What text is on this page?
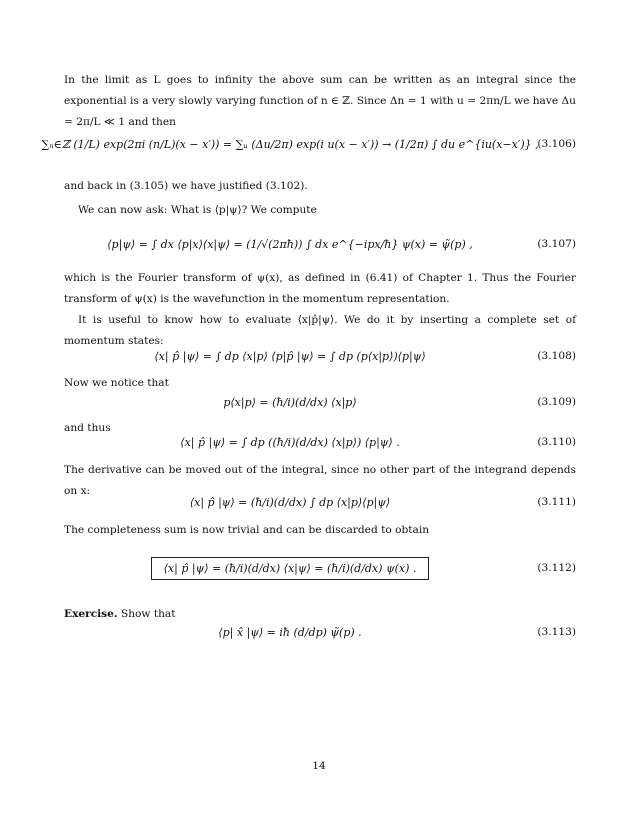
In the limit as L goes to infinity the above sum can be written as an integral since the exponential is a very slowly varying function of n ∈ ℤ. Since Δn = 1 with u = 2πn/L we have Δu = 2π/L ≪ 1 and then
∑ₙ∈ℤ (1/L) exp(2πi (n/L)(x − x′)) = ∑ᵤ (Δu/2π) exp(i u(x − x′)) → (1/2π) ∫ du e^{iu(x−x′)} ,
(3.106)
and back in (3.105) we have justified (3.102).
We can now ask: What is ⟨p|ψ⟩? We compute
⟨p|ψ⟩ = ∫ dx ⟨p|x⟩⟨x|ψ⟩ = (1/√(2πħ)) ∫ dx e^{−ipx/ħ} ψ(x) = ψ̃(p) ,	(3.107)
which is the Fourier transform of ψ(x), as defined in (6.41) of Chapter 1. Thus the Fourier transform of ψ(x) is the wavefunction in the momentum representation.
It is useful to know how to evaluate ⟨x|p̂|ψ⟩. We do it by inserting a complete set of momentum states:
⟨x| p̂ |ψ⟩ = ∫ dp ⟨x|p⟩ ⟨p|p̂ |ψ⟩ = ∫ dp (p⟨x|p⟩)⟨p|ψ⟩	(3.108)
Now we notice that
p⟨x|p⟩ = (ħ/i)(d/dx) ⟨x|p⟩	(3.109)
and thus
⟨x| p̂ |ψ⟩ = ∫ dp ((ħ/i)(d/dx) ⟨x|p⟩) ⟨p|ψ⟩ .	(3.110)
The derivative can be moved out of the integral, since no other part of the integrand depends on x:
⟨x| p̂ |ψ⟩ = (ħ/i)(d/dx) ∫ dp ⟨x|p⟩⟨p|ψ⟩	(3.111)
The completeness sum is now trivial and can be discarded to obtain
⟨x| p̂ |ψ⟩ = (ħ/i)(d/dx) ⟨x|ψ⟩ = (ħ/i)(d/dx) ψ(x) .	(3.112)
Exercise. Show that
⟨p| x̂ |ψ⟩ = iħ (d/dp) ψ̃(p) .	(3.113)
14
